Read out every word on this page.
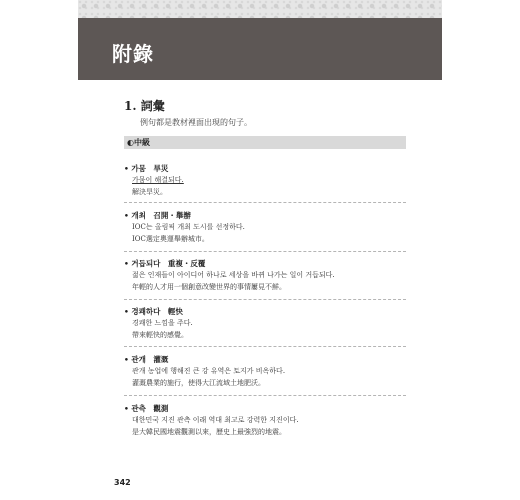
附錄
1. 詞彙
例句都是教材裡面出現的句子。
◐中級
• 가뭄　旱災
가뭄이 해결되다.
解決旱災。
• 개최　召開・舉辦
IOC는 올림픽 개최 도시를 선정하다.
IOC選定奧運舉辦城市。
• 거듭되다　重複・反覆
젊은 인재들이 아이디어 하나로 세상을 바뀌 나가는 일이 거듭되다.
年輕的人才用一個創意改變世界的事情屢見不鮮。
• 경쾌하다　輕快
경쾌한 느낌을 주다.
帶來輕快的感覺。
• 관개　灌溉
관개 농업에 행해진 큰 강 유역은 토지가 비옥하다.
灌溉農業的施行，使得大江流域土地肥沃。
• 관측　觀測
대한민국 지진 관측 이래 역대 최고로 강력한 지진이다.
是大韓民國地震觀測以來，歷史上最強烈的地震。
342
